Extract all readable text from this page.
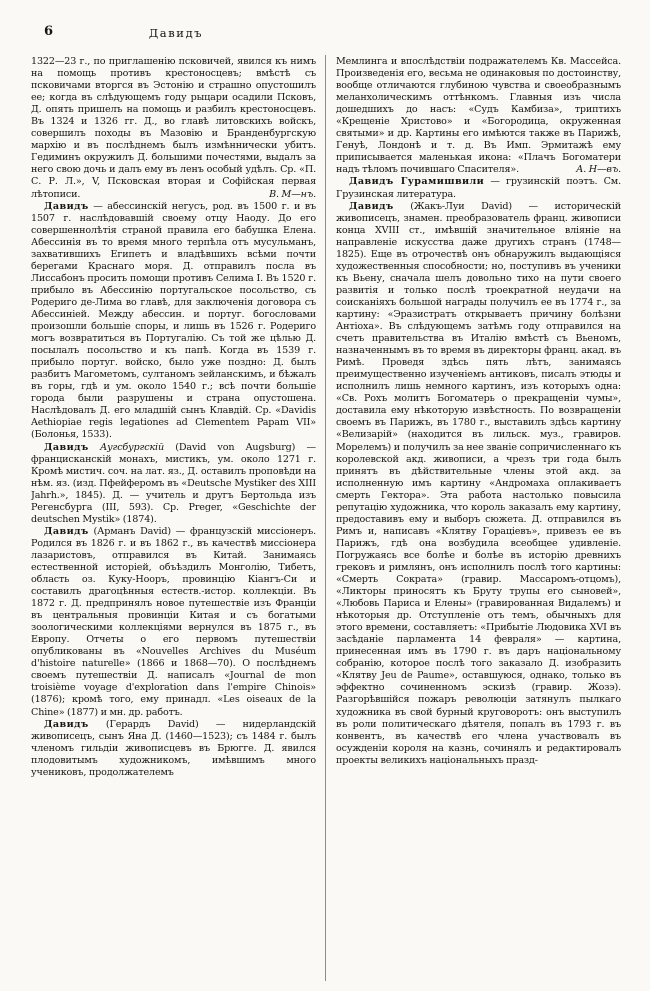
6	Давидъ

1322—23 г., по приглашенію псковичей, явился къ нимъ на помощь противъ крестоносцевъ; вмѣстѣ съ псковичами вторгся въ Эстонію и страшно опустошилъ ее; когда въ слѣдующемъ году рыцари осадили Псковъ, Д. опять пришелъ на помощь и разбилъ крестоносцевъ. Въ 1324 и 1326 гг. Д., во главѣ литовскихъ войскъ, совершилъ походы въ Мазовію и Бранденбургскую мархію и въ послѣднемъ былъ измѣннически убитъ. Гедиминъ окружилъ Д. большими почестями, выдалъ за него свою дочь и далъ ему въ ленъ особый удѣлъ. Ср. «П. С. Р. Л.», V, Псковская вторая и Софійская первая лѣтописи.	В. М—нъ.

Давидъ — абессинскій негусъ, род. въ 1500 г. и въ 1507 г. наслѣдовавшій своему отцу Наоду. До его совершеннолѣтія страной правила его бабушка Елена. Абессинія въ то время много терпѣла отъ мусульманъ, захватившихъ Египетъ и владѣвшихъ всѣми почти берегами Краснаго моря. Д. отправилъ посла въ Лиссабонъ просить помощи противъ Селима I. Въ 1520 г. прибыло въ Абессинію португальское посольство, съ Родериго де-Лима во главѣ, для заключенія договора съ Абессиніей. Между абессин. и португ. богословами произошли большіе споры, и лишь въ 1526 г. Родериго могъ возвратиться въ Португалію. Съ той же цѣлью Д. посылалъ посольство и къ папѣ. Когда въ 1539 г. прибыло португ. войско, было уже поздно: Д. былъ разбитъ Магометомъ, султаномъ зейланскимъ, и бѣжалъ въ горы, гдѣ и ум. около 1540 г.; всѣ почти большіе города были разрушены и страна опустошена. Наслѣдовалъ Д. его младшій сынъ Клавдій. Ср. «Davidis Aethiopiae regis legationes ad Clementem Papam VII» (Болонья, 1533).

Давидъ Аугсбургскій (David von Augsburg) — францисканскій монахъ, мистикъ, ум. около 1271 г. Кромѣ мистич. соч. на лат. яз., Д. оставилъ проповѣди на нѣм. яз. (изд. Пфейферомъ въ «Deutsche Mystiker des XIII Jahrh.», 1845). Д. — учитель и другъ Бертольда изъ Регенсбурга (III, 593). Ср. Preger, «Geschichte der deutschen Mystik» (1874).

Давидъ (Арманъ David) — французскій миссіонеръ. Родился въ 1826 г. и въ 1862 г., въ качествѣ миссіонера лазаристовъ, отправился въ Китай. Занимаясь естественной исторіей, объѣздилъ Монголію, Тибетъ, область оз. Куку-Нооръ, провинцію Кіангъ-Си и составилъ драгоцѣнныя естеств.-истор. коллекціи. Въ 1872 г. Д. предпринялъ новое путешествіе изъ Франціи въ центральныя провинціи Китая и съ богатыми зоологическими коллекціями вернулся въ 1875 г., въ Европу. Отчеты о его первомъ путешествіи опубликованы въ «Nouvelles Archives du Muséum d'histoire naturelle» (1866 и 1868—70). О послѣднемъ своемъ путешествіи Д. написалъ «Journal de mon troisième voyage d'exploration dans l'empire Chinois» (1876); кромѣ того, ему принадл. «Les oiseaux de la Chine» (1877) и мн. др. работъ.

Давидъ (Герардъ David) — нидерландскій живописецъ, сынъ Яна Д. (1460—1523); съ 1484 г. былъ членомъ гильдіи живописцевъ въ Брюгге. Д. явился плодовитымъ художникомъ, имѣвшимъ много учениковъ, продолжателемъ

Мемлинга и впослѣдствіи подражателемъ Кв. Массейса. Произведенія его, весьма не одинаковыя по достоинству, вообще отличаются глубиною чувства и своеобразнымъ меланхолическимъ оттѣнкомъ. Главныя изъ числа дошедшихъ до насъ: «Судъ Камбиза», триптихъ «Крещеніе Христово» и «Богородица, окруженная святыми» и др. Картины его имѣются также въ Парижѣ, Генуѣ, Лондонѣ и т. д. Въ Имп. Эрмитажѣ ему приписывается маленькая икона: «Плачъ Богоматери надъ тѣломъ почившаго Спасителя».	А. Н—въ.

Давидъ Гурамишвили — грузинскій поэтъ. См. Грузинская литература.

Давидъ (Жакъ-Луи David) — историческій живописецъ, знамен. преобразователь франц. живописи конца XVIII ст., имѣвшій значительное вліяніе на направленіе искусства даже другихъ странъ (1748—1825). Еще въ отрочествѣ онъ обнаружилъ выдающіяся художественныя способности; но, поступивъ въ ученики къ Вьену, сначала шелъ довольно тихо на пути своего развитія и только послѣ троекратной неудачи на соисканіяхъ большой награды получилъ ее въ 1774 г., за картину: «Эразистратъ открываетъ причину болѣзни Антіоха». Въ слѣдующемъ затѣмъ году отправился на счетъ правительства въ Италію вмѣстѣ съ Вьеномъ, назначеннымъ въ то время въ директоры франц. акад. въ Римѣ. Проведя здѣсь пять лѣтъ, занимаясь преимущественно изученіемъ антиковъ, писалъ этюды и исполнилъ лишь немного картинъ, изъ которыхъ одна: «Св. Рохъ молитъ Богоматерь о прекращеніи чумы», доставила ему нѣкоторую извѣстность. По возвращеніи своемъ въ Парижъ, въ 1780 г., выставилъ здѣсь картину «Велизарій» (находится въ лильск. муз., гравиров. Морелемъ) и получилъ за нее званіе сопричисленнаго къ королевской акд. живописи, а чрезъ три года былъ принятъ въ дѣйствительные члены этой акд. за исполненную имъ картину «Андромаха оплакиваетъ смерть Гектора». Эта работа настолько повысила репутацію художника, что король заказалъ ему картину, предоставивъ ему и выборъ сюжета. Д. отправился въ Римъ и, написавъ «Клятву Гораціевъ», привезъ ее въ Парижъ, гдѣ она возбудила всеобщее удивленіе. Погружаясь все болѣе и болѣе въ исторію древнихъ грековъ и римлянъ, онъ исполнилъ послѣ того картины: «Смерть Сократа» (гравир. Массаромъ-отцомъ), «Ликторы приносятъ къ Бруту трупы его сыновей», «Любовь Париса и Елены» (гравированная Видалемъ) и нѣкоторыя др. Отступленіе отъ темъ, обычныхъ для этого времени, составляетъ: «Прибытіе Людовика XVI въ засѣданіе парламента 14 февраля» — картина, принесенная имъ въ 1790 г. въ даръ національному собранію, которое послѣ того заказало Д. изобразить «Клятву Jeu de Paume», оставшуюся, однако, только въ эффектно сочиненномъ эскизѣ (гравир. Жозэ). Разгорѣвшійся пожаръ революціи затянулъ пылкаго художника въ свой бурный круговоротъ: онъ выступилъ въ роли политическаго дѣятеля, попалъ въ 1793 г. въ конвентъ, въ качествѣ его члена участвовалъ въ осужденіи короля на казнь, сочинялъ и редактировалъ проекты великихъ національныхъ празд-
